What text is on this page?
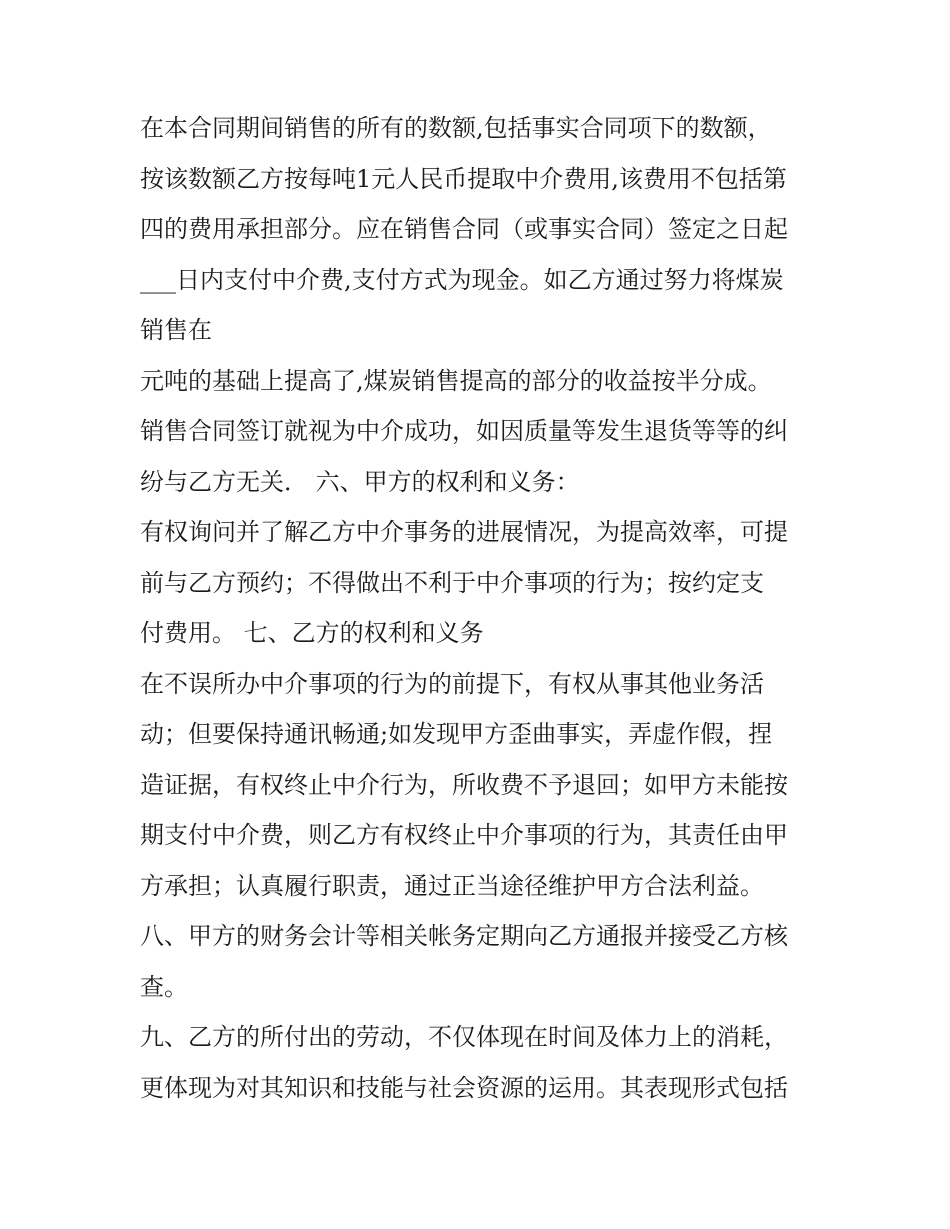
在本合同期间销售的所有的数额,包括事实合同项下的数额，
按该数额乙方按每吨1元人民币提取中介费用,该费用不包括第
四的费用承担部分。应在销售合同（或事实合同）签定之日起
___日内支付中介费,支付方式为现金。如乙方通过努力将煤炭
销售在
元吨的基础上提高了,煤炭销售提高的部分的收益按半分成。
销售合同签订就视为中介成功，如因质量等发生退货等等的纠
纷与乙方无关． 六、甲方的权利和义务：
有权询问并了解乙方中介事务的进展情况，为提高效率，可提
前与乙方预约；不得做出不利于中介事项的行为；按约定支
付费用。 七、乙方的权利和义务
在不误所办中介事项的行为的前提下，有权从事其他业务活
动；但要保持通讯畅通;如发现甲方歪曲事实，弄虚作假，捏
造证据，有权终止中介行为，所收费不予退回；如甲方未能按
期支付中介费，则乙方有权终止中介事项的行为，其责任由甲
方承担；认真履行职责，通过正当途径维护甲方合法利益。
八、甲方的财务会计等相关帐务定期向乙方通报并接受乙方核
查。
九、乙方的所付出的劳动，不仅体现在时间及体力上的消耗，
更体现为对其知识和技能与社会资源的运用。其表现形式包括
